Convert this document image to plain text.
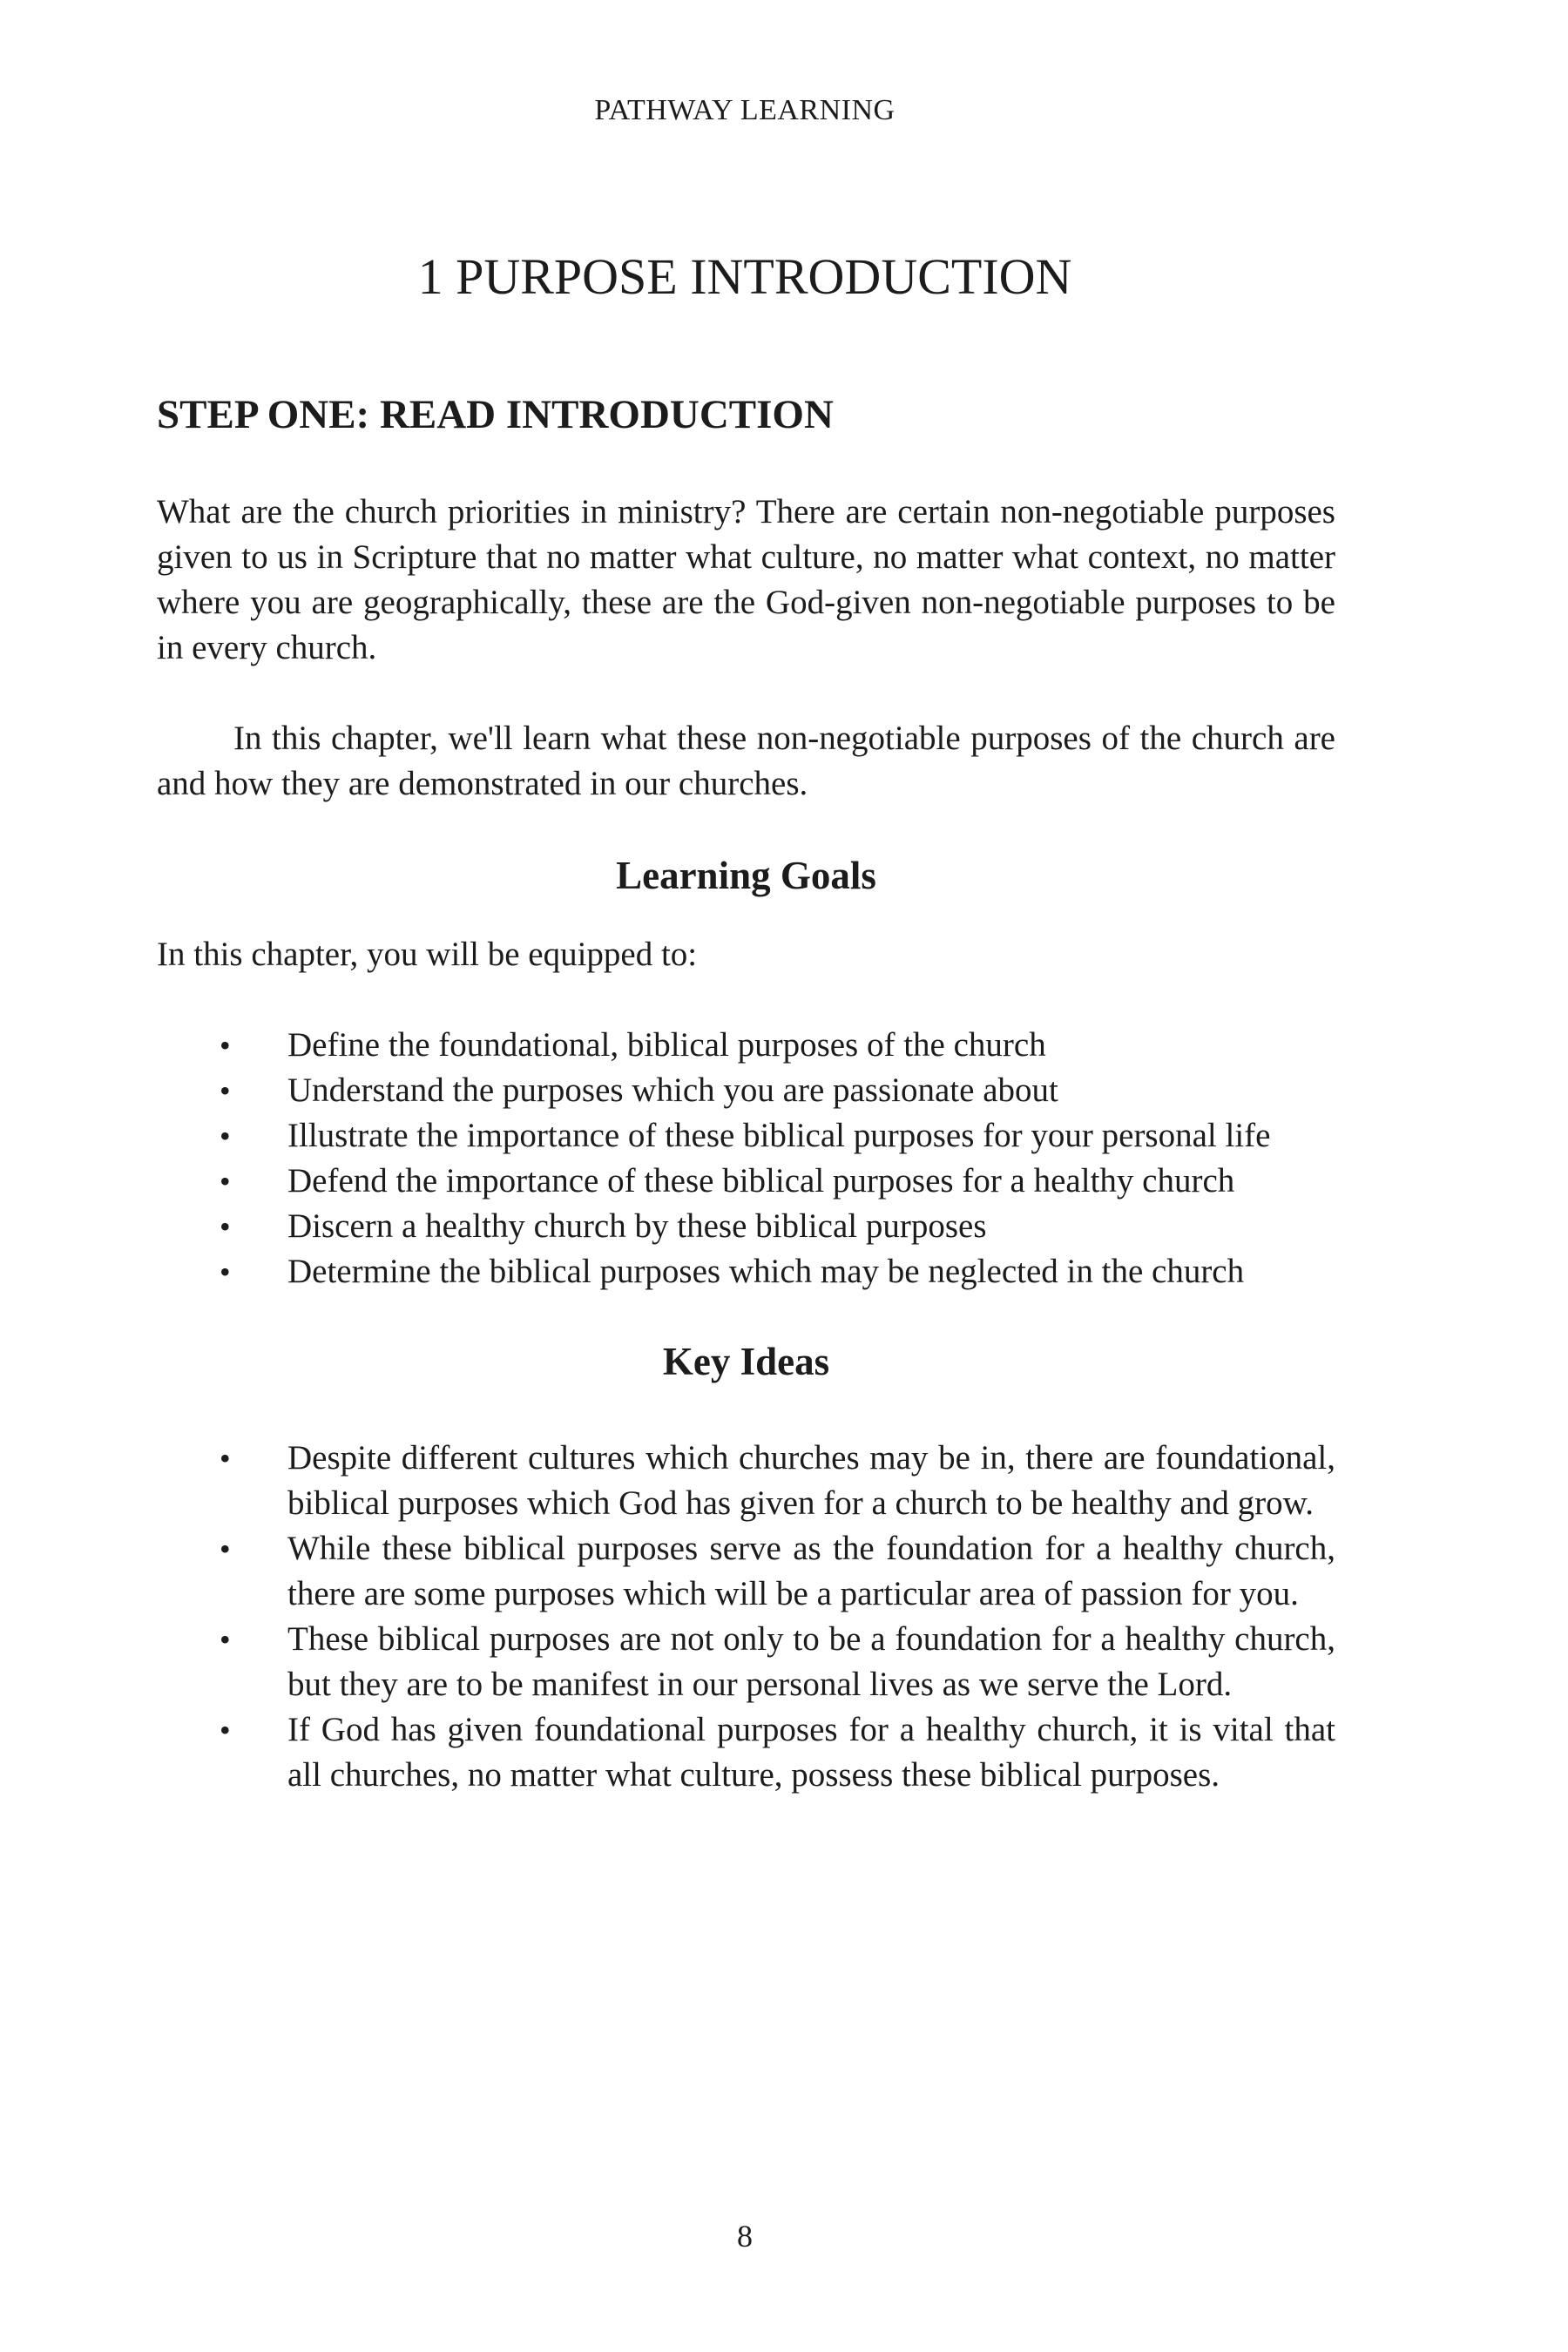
PATHWAY LEARNING
1 PURPOSE INTRODUCTION
STEP ONE: READ INTRODUCTION

What are the church priorities in ministry? There are certain non-negotiable purposes given to us in Scripture that no matter what culture, no matter what context, no matter where you are geographically, these are the God-given non-negotiable purposes to be in every church.

In this chapter, we'll learn what these non-negotiable purposes of the church are and how they are demonstrated in our churches.

Learning Goals

In this chapter, you will be equipped to:

• Define the foundational, biblical purposes of the church
• Understand the purposes which you are passionate about
• Illustrate the importance of these biblical purposes for your personal life
• Defend the importance of these biblical purposes for a healthy church
• Discern a healthy church by these biblical purposes
• Determine the biblical purposes which may be neglected in the church
Key Ideas
• Despite different cultures which churches may be in, there are foundational, biblical purposes which God has given for a church to be healthy and grow.
• While these biblical purposes serve as the foundation for a healthy church, there are some purposes which will be a particular area of passion for you.
• These biblical purposes are not only to be a foundation for a healthy church, but they are to be manifest in our personal lives as we serve the Lord.
• If God has given foundational purposes for a healthy church, it is vital that all churches, no matter what culture, possess these biblical purposes.
8
